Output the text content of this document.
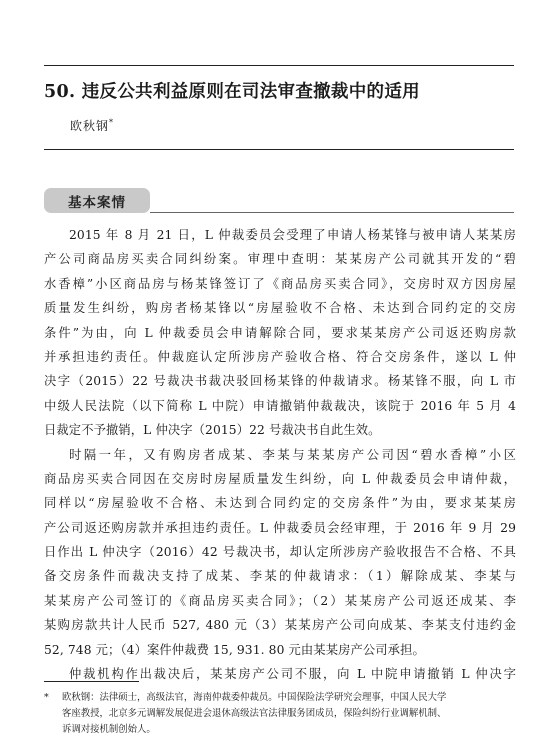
50. 违反公共利益原则在司法审查撤裁中的适用
欧秋钢*
基本案情
2015 年 8 月 21 日，L 仲裁委员会受理了申请人杨某锋与被申请人某某房
产公司商品房买卖合同纠纷案。审理中查明：某某房产公司就其开发的“碧
水香樟”小区商品房与杨某锋签订了《商品房买卖合同》，交房时双方因房屋
质量发生纠纷，购房者杨某锋以“房屋验收不合格、未达到合同约定的交房
条件”为由，向 L 仲裁委员会申请解除合同，要求某某房产公司返还购房款
并承担违约责任。仲裁庭认定所涉房产验收合格、符合交房条件，遂以 L 仲
决字（2015）22 号裁决书裁决驳回杨某锋的仲裁请求。杨某锋不服，向 L 市
中级人民法院（以下简称 L 中院）申请撤销仲裁裁决，该院于 2016 年 5 月 4
日裁定不予撤销，L 仲决字（2015）22 号裁决书自此生效。
时隔一年，又有购房者成某、李某与某某房产公司因“碧水香樟”小区
商品房买卖合同因在交房时房屋质量发生纠纷，向 L 仲裁委员会申请仲裁，
同样以“房屋验收不合格、未达到合同约定的交房条件”为由，要求某某房
产公司返还购房款并承担违约责任。L 仲裁委员会经审理，于 2016 年 9 月 29
日作出 L 仲决字（2016）42 号裁决书，却认定所涉房产验收报告不合格、不具
备交房条件而裁决支持了成某、李某的仲裁请求：（1）解除成某、李某与
某某房产公司签订的《商品房买卖合同》；（2）某某房产公司返还成某、李
某购房款共计人民币 527, 480 元（3）某某房产公司向成某、李某支付违约金
52, 748 元；（4）案件仲裁费 15, 931. 80 元由某某房产公司承担。
仲裁机构作出裁决后，某某房产公司不服，向 L 中院申请撤销 L 仲决字
* 欧秋钢：法律硕士，高级法官，海南仲裁委仲裁员。中国保险法学研究会理事，中国人民大学
客座教授，北京多元调解发展促进会退休高级法官法律服务团成员，保险纠纷行业调解机制、
诉调对接机制创始人。
